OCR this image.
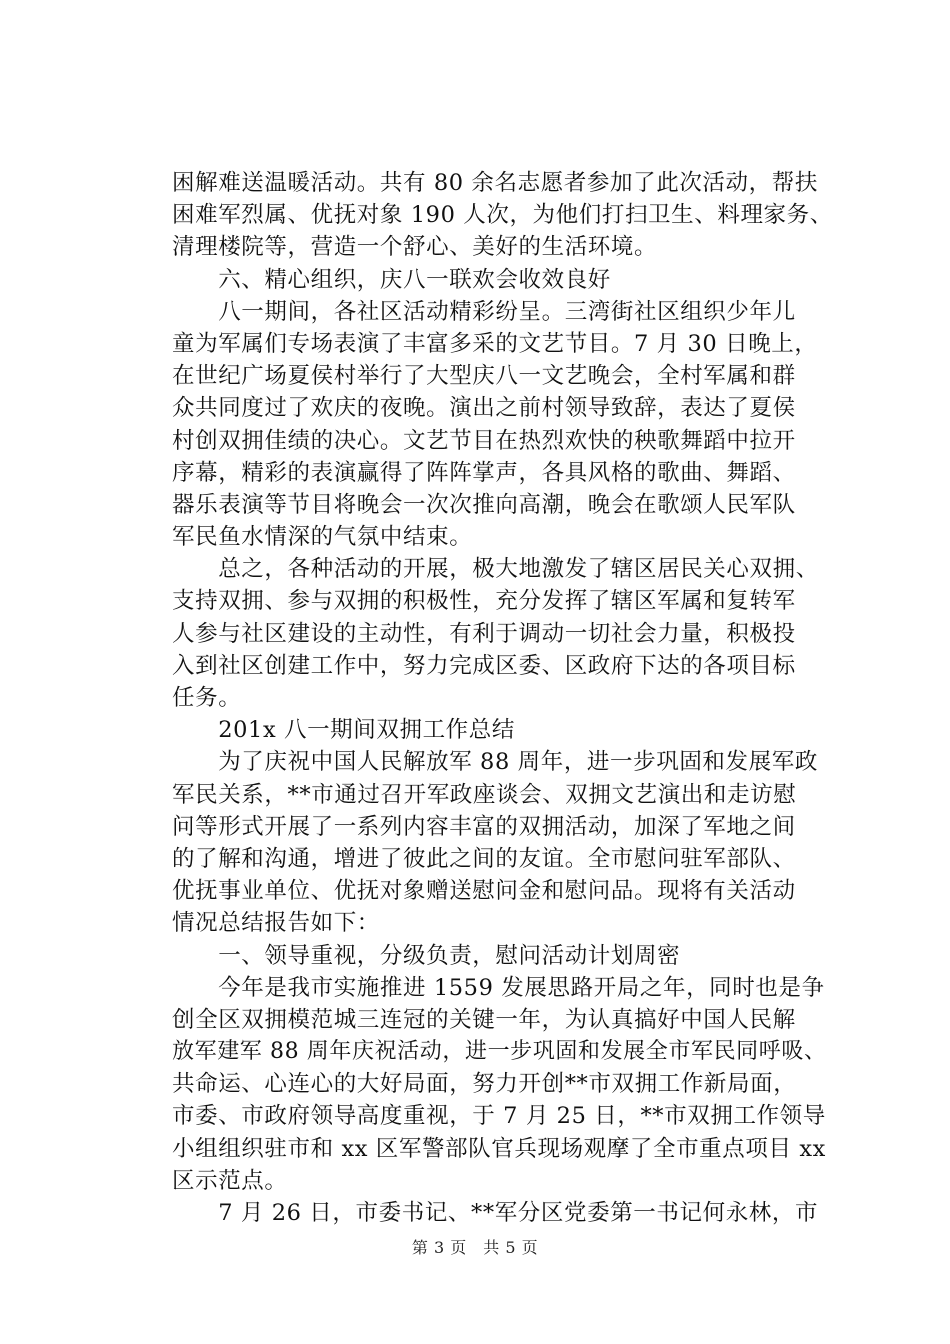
困解难送温暖活动。共有 80 余名志愿者参加了此次活动，帮扶
困难军烈属、优抚对象 190 人次，为他们打扫卫生、料理家务、
清理楼院等，营造一个舒心、美好的生活环境。
　　六、精心组织，庆八一联欢会收效良好
　　八一期间，各社区活动精彩纷呈。三湾街社区组织少年儿
童为军属们专场表演了丰富多采的文艺节目。7 月 30 日晚上，
在世纪广场夏侯村举行了大型庆八一文艺晚会，全村军属和群
众共同度过了欢庆的夜晚。演出之前村领导致辞，表达了夏侯
村创双拥佳绩的决心。文艺节目在热烈欢快的秧歌舞蹈中拉开
序幕，精彩的表演赢得了阵阵掌声，各具风格的歌曲、舞蹈、
器乐表演等节目将晚会一次次推向高潮，晚会在歌颂人民军队
军民鱼水情深的气氛中结束。
　　总之，各种活动的开展，极大地激发了辖区居民关心双拥、
支持双拥、参与双拥的积极性，充分发挥了辖区军属和复转军
人参与社区建设的主动性，有利于调动一切社会力量，积极投
入到社区创建工作中，努力完成区委、区政府下达的各项目标
任务。
　　201x 八一期间双拥工作总结
　　为了庆祝中国人民解放军 88 周年，进一步巩固和发展军政
军民关系，**市通过召开军政座谈会、双拥文艺演出和走访慰
问等形式开展了一系列内容丰富的双拥活动，加深了军地之间
的了解和沟通，增进了彼此之间的友谊。全市慰问驻军部队、
优抚事业单位、优抚对象赠送慰问金和慰问品。现将有关活动
情况总结报告如下：
　　一、领导重视，分级负责，慰问活动计划周密
　　今年是我市实施推进 1559 发展思路开局之年，同时也是争
创全区双拥模范城三连冠的关键一年，为认真搞好中国人民解
放军建军 88 周年庆祝活动，进一步巩固和发展全市军民同呼吸、
共命运、心连心的大好局面，努力开创**市双拥工作新局面，
市委、市政府领导高度重视，于 7 月 25 日，**市双拥工作领导
小组组织驻市和 xx 区军警部队官兵现场观摩了全市重点项目 xx
区示范点。
　　7 月 26 日，市委书记、**军分区党委第一书记何永林，市
第 3 页　共 5 页
